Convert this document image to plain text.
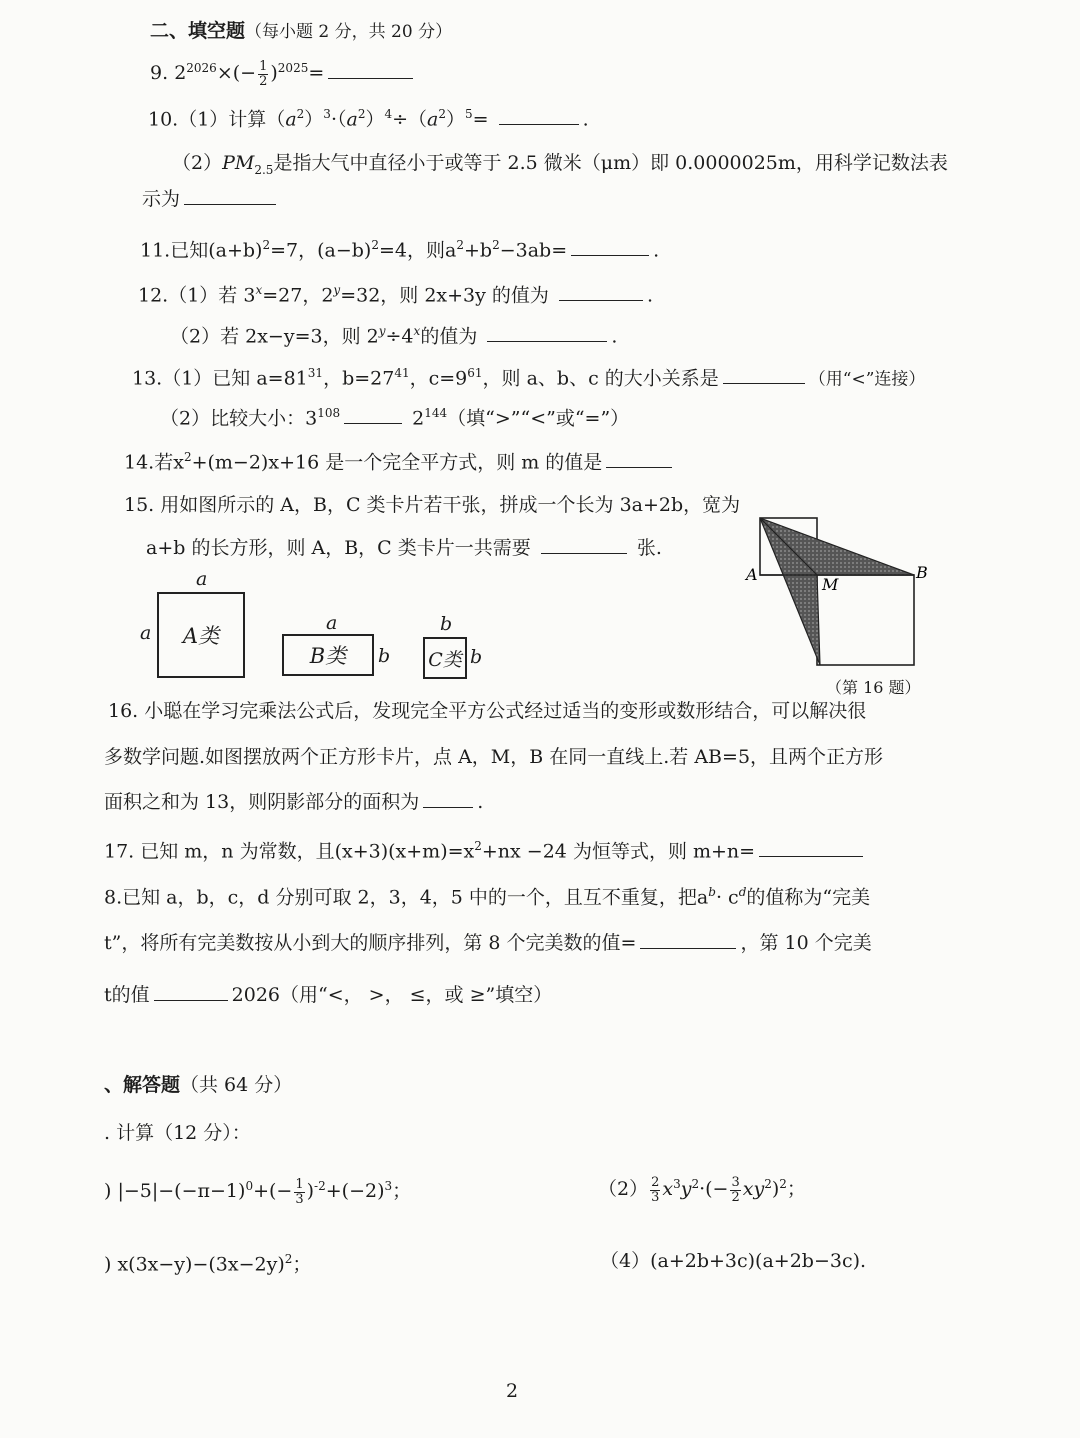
二、填空题（每小题 2 分，共 20 分）
9. $2^{2026}\times(- \frac{1}{2} )^{2025}=$
10.（1）计算$(a^2)^3\cdot(a^2)^4\div(a^2)^5=$	.
$(2)PM_{2.5}$是指大气中直径小于或等于 2.5 微米（μm）即 0.0000025m，用科学记数法表
示为
11.已知$(a+b)^2=7$，$(a-b)^2=4$，则$a^2+b^2-3ab=$	.
12.（1）若 $3^x=27$，$2^y=32$，则 2x+3y 的值为	.
（2）若 2x−y=3，则 $2^y\div 4^x$的值为	.
13.（1）已知 $a=81^{31}$，$b=27^{41}$，$c=9^{61}$，则 a、b、c 的大小关系是	（用“<”连接）
（2）比较大小：$3^{108}$	$2^{144}$（填“>”“<”或“=”）
14.若$x^2+(m-2)x+16$ 是一个完全平方式，则 m 的值是
15. 用如图所示的 A，B，C 类卡片若干张，拼成一个长为 3a+2b，宽为
a+b 的长方形，则 A，B，C 类卡片一共需要	张.
a
a	A类
a
B类	b
b
C类 b
A
M
B
（第 16 题）
16. 小聪在学习完乘法公式后，发现完全平方公式经过适当的变形或数形结合，可以解决很
多数学问题.如图摆放两个正方形卡片，点 A，M，B 在同一直线上.若 AB=5，且两个正方形
面积之和为 13，则阴影部分的面积为	.
17. 已知 m，n 为常数，且$(x+3)(x+m)=x^2+nx -24$ 为恒等式，则 m+n=
8.已知 a，b，c，d 分别可取 2，3，4，5 中的一个，且互不重复，把$a^b\cdot c^d$的值称为“完美
t”，将所有完美数按从小到大的顺序排列，第 8 个完美数的值=	，第 10 个完美
t的值	2026（用“<， >， ≤，或 ≥”填空）
、解答题（共 64 分）
. 计算（12 分）：
) $|-5|-(-\pi-1)^0+(- \frac{1}{3} )^{-2}+(-2)^3$；	$(2) \frac{2}{3} x^3y^2\cdot(- \frac{3}{2} xy^2)^2$；
) $x(3x-y)-(3x-2y)^2$；	（4）(a+2b+3c)(a+2b−3c).
2
